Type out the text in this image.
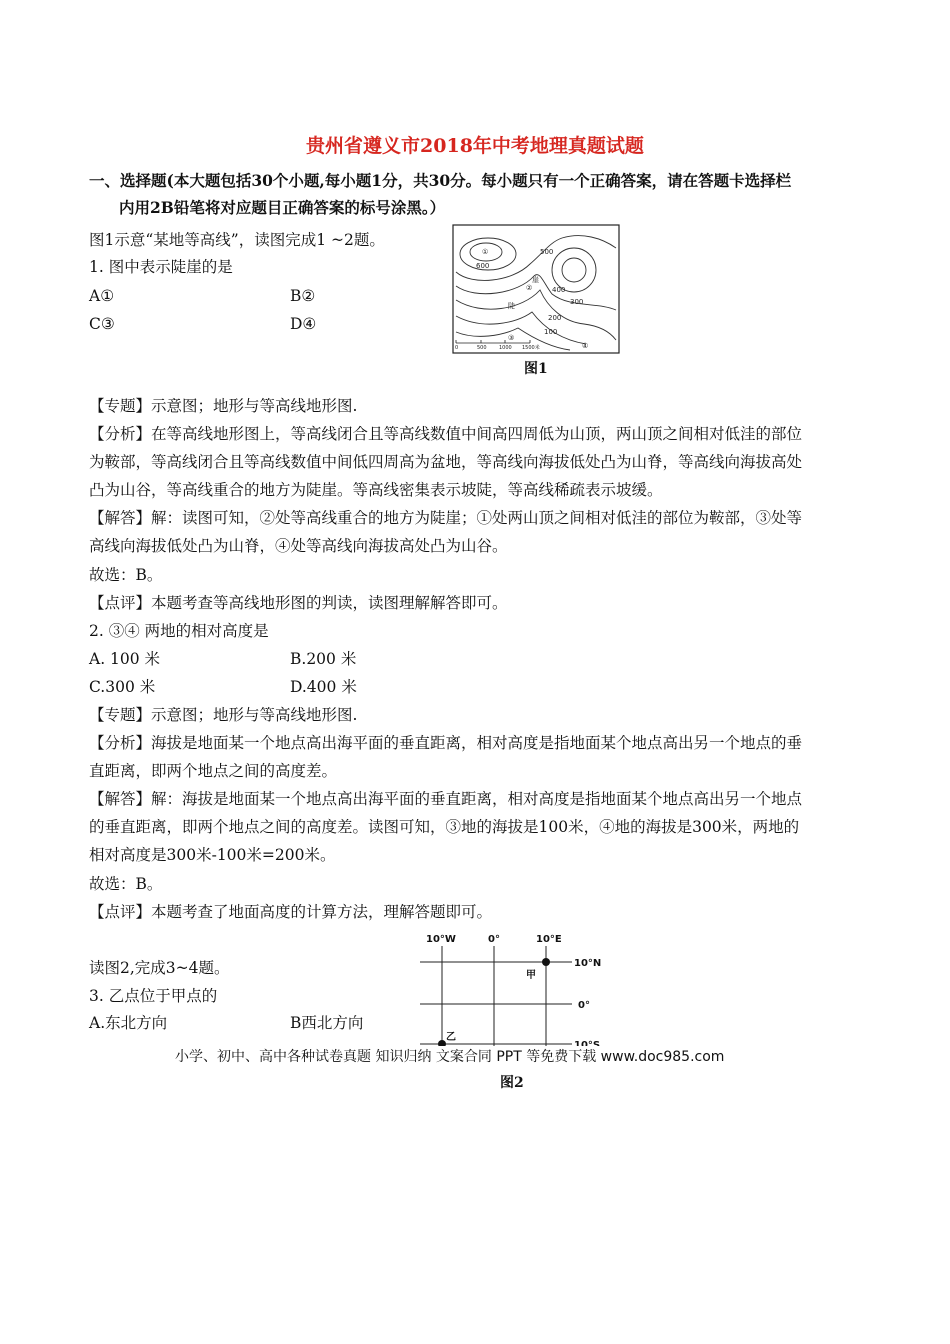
贵州省遵义市2018年中考地理真题试题
一、选择题(本大题包括30个小题,每小题1分，共30分。每小题只有一个正确答案，请在答题卡选择栏
内用2B铅笔将对应题目正确答案的标号涂黑。）
图1示意“某地等高线”，读图完成1 ~2题。
1. 图中表示陡崖的是
A①	B②
C③	D④
①
②
③
④
600
500
400
300
200
100
陡
崖
0	500 1000 1500米
图1
【专题】示意图；地形与等高线地形图.
【分析】在等高线地形图上，等高线闭合且等高线数值中间高四周低为山顶，两山顶之间相对低洼的部位
为鞍部，等高线闭合且等高线数值中间低四周高为盆地，等高线向海拔低处凸为山脊，等高线向海拔高处
凸为山谷，等高线重合的地方为陡崖。等高线密集表示坡陡，等高线稀疏表示坡缓。
【解答】解：读图可知，②处等高线重合的地方为陡崖；①处两山顶之间相对低洼的部位为鞍部，③处等
高线向海拔低处凸为山脊，④处等高线向海拔高处凸为山谷。
故选：B。
【点评】本题考查等高线地形图的判读，读图理解解答即可。
2. ③④ 两地的相对高度是
A. 100 米	B.200 米
C.300 米	D.400 米
【专题】示意图；地形与等高线地形图.
【分析】海拔是地面某一个地点高出海平面的垂直距离，相对高度是指地面某个地点高出另一个地点的垂
直距离，即两个地点之间的高度差。
【解答】解：海拔是地面某一个地点高出海平面的垂直距离，相对高度是指地面某个地点高出另一个地点
的垂直距离，即两个地点之间的高度差。读图可知，③地的海拔是100米，④地的海拔是300米，两地的
相对高度是300米-100米=200米。
故选：B。
【点评】本题考查了地面高度的计算方法，理解答题即可。
读图2,完成3~4题。
3. 乙点位于甲点的
A.东北方向	B西北方向
10°W	0°	10°E
10°N
0°
甲
乙
小学、初中、高中各种试卷真题 知识归纳 文案合同 PPT 等免费下载 www.doc985.com
图2
